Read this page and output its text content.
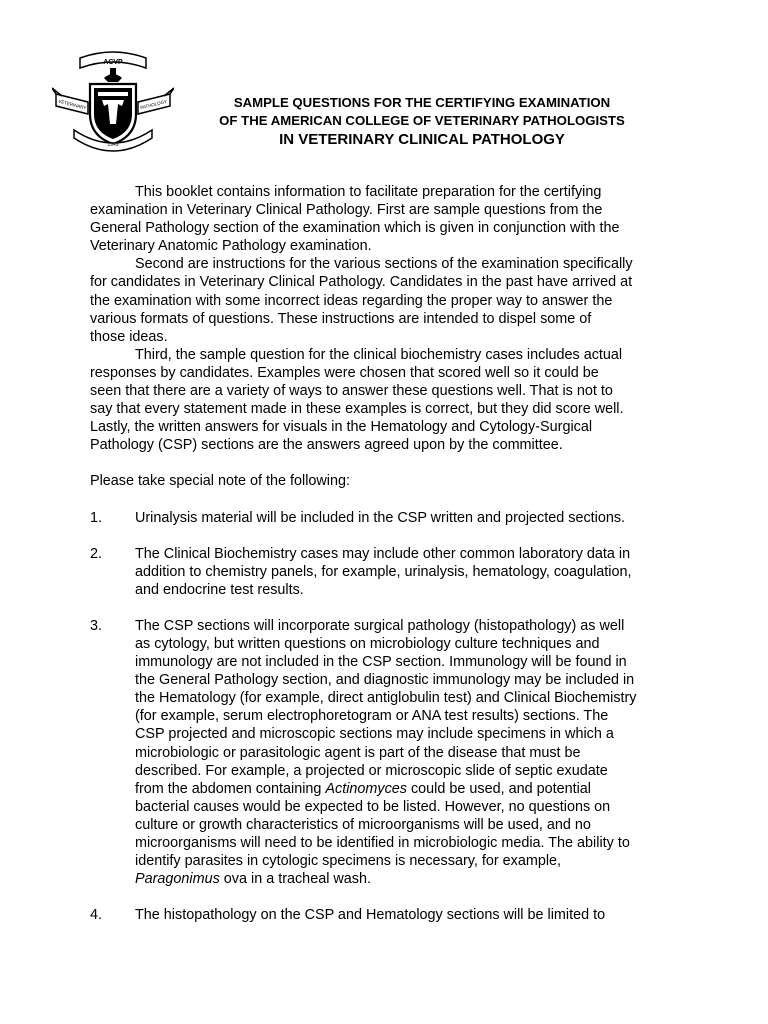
ACVP
VETERINARY	PATHOLOGY
1949
SAMPLE QUESTIONS FOR THE CERTIFYING EXAMINATION
OF THE AMERICAN COLLEGE OF VETERINARY PATHOLOGISTS
IN VETERINARY CLINICAL PATHOLOGY
This booklet contains information to facilitate preparation for the certifying
examination in Veterinary Clinical Pathology. First are sample questions from the
General Pathology section of the examination which is given in conjunction with the
Veterinary Anatomic Pathology examination.
Second are instructions for the various sections of the examination specifically
for candidates in Veterinary Clinical Pathology. Candidates in the past have arrived at
the examination with some incorrect ideas regarding the proper way to answer the
various formats of questions. These instructions are intended to dispel some of
those ideas.
Third, the sample question for the clinical biochemistry cases includes actual
responses by candidates. Examples were chosen that scored well so it could be
seen that there are a variety of ways to answer these questions well. That is not to
say that every statement made in these examples is correct, but they did score well.
Lastly, the written answers for visuals in the Hematology and Cytology-Surgical
Pathology (CSP) sections are the answers agreed upon by the committee.
Please take special note of the following:
1. Urinalysis material will be included in the CSP written and projected sections.
2. The Clinical Biochemistry cases may include other common laboratory data in
addition to chemistry panels, for example, urinalysis, hematology, coagulation,
and endocrine test results.
3. The CSP sections will incorporate surgical pathology (histopathology) as well
as cytology, but written questions on microbiology culture techniques and
immunology are not included in the CSP section. Immunology will be found in
the General Pathology section, and diagnostic immunology may be included in
the Hematology (for example, direct antiglobulin test) and Clinical Biochemistry
(for example, serum electrophoretogram or ANA test results) sections. The
CSP projected and microscopic sections may include specimens in which a
microbiologic or parasitologic agent is part of the disease that must be
described. For example, a projected or microscopic slide of septic exudate
from the abdomen containing Actinomyces could be used, and potential
bacterial causes would be expected to be listed. However, no questions on
culture or growth characteristics of microorganisms will be used, and no
microorganisms will need to be identified in microbiologic media. The ability to
identify parasites in cytologic specimens is necessary, for example,
Paragonimus ova in a tracheal wash.
4. The histopathology on the CSP and Hematology sections will be limited to
